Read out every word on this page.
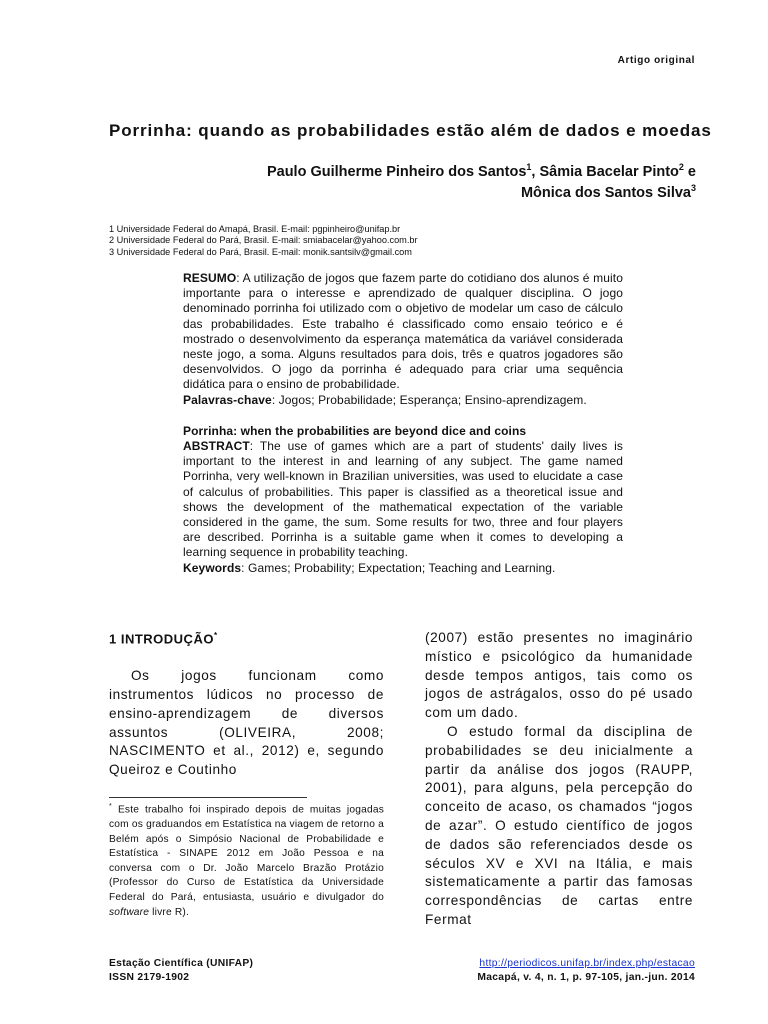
Artigo original
Porrinha: quando as probabilidades estão além de dados e moedas
Paulo Guilherme Pinheiro dos Santos$^1$, Sâmia Bacelar Pinto$^2$ e
Mônica dos Santos Silva$^3$
1 Universidade Federal do Amapá, Brasil. E-mail: pgpinheiro@unifap.br
2 Universidade Federal do Pará, Brasil. E-mail: smiabacelar@yahoo.com.br
3 Universidade Federal do Pará, Brasil. E-mail: monik.santsilv@gmail.com

RESUMO: A utilização de jogos que fazem parte do cotidiano dos alunos é muito importante para o interesse e aprendizado de qualquer disciplina. O jogo denominado porrinha foi utilizado com o objetivo de modelar um caso de cálculo das probabilidades. Este trabalho é classificado como ensaio teórico e é mostrado o desenvolvimento da esperança matemática da variável considerada neste jogo, a soma. Alguns resultados para dois, três e quatros jogadores são desenvolvidos. O jogo da porrinha é adequado para criar uma sequência didática para o ensino de probabilidade.

Palavras-chave: Jogos; Probabilidade; Esperança; Ensino-aprendizagem.

Porrinha: when the probabilities are beyond dice and coins

ABSTRACT: The use of games which are a part of students' daily lives is important to the interest in and learning of any subject. The game named Porrinha, very well-known in Brazilian universities, was used to elucidate a case of calculus of probabilities. This paper is classified as a theoretical issue and shows the development of the mathematical expectation of the variable considered in the game, the sum. Some results for two, three and four players are described. Porrinha is a suitable game when it comes to developing a learning sequence in probability teaching.

Keywords: Games; Probability; Expectation; Teaching and Learning.

1 INTRODUÇÃO*

Os jogos funcionam como instrumentos lúdicos no processo de ensino-aprendizagem de diversos assuntos (OLIVEIRA, 2008; NASCIMENTO et al., 2012) e, segundo Queiroz e Coutinho

(2007) estão presentes no imaginário místico e psicológico da humanidade desde tempos antigos, tais como os jogos de astrágalos, osso do pé usado com um dado.

O estudo formal da disciplina de probabilidades se deu inicialmente a partir da análise dos jogos (RAUPP, 2001), para alguns, pela percepção do conceito de acaso, os chamados “jogos de azar”. O estudo científico de jogos de dados são referenciados desde os séculos XV e XVI na Itália, e mais sistematicamente a partir das famosas correspondências de cartas entre Fermat

* Este trabalho foi inspirado depois de muitas jogadas com os graduandos em Estatística na viagem de retorno a Belém após o Simpósio Nacional de Probabilidade e Estatística - SINAPE 2012 em João Pessoa e na conversa com o Dr. João Marcelo Brazão Protázio (Professor do Curso de Estatística da Universidade Federal do Pará, entusiasta, usuário e divulgador do software livre R).
Estação Científica (UNIFAP)
ISSN 2179-1902
http://periodicos.unifap.br/index.php/estacao
Macapá, v. 4, n. 1, p. 97-105, jan.-jun. 2014
